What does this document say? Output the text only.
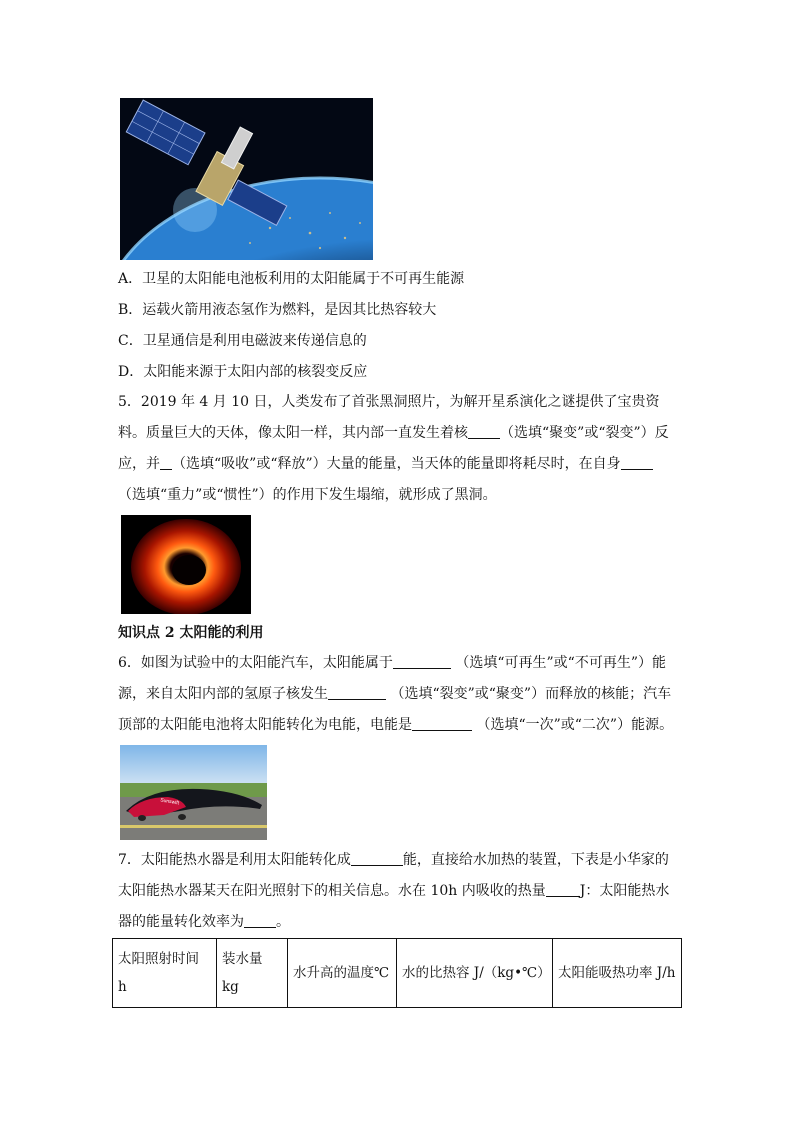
A．卫星的太阳能电池板利用的太阳能属于不可再生能源
B．运载火箭用液态氢作为燃料，是因其比热容较大
C．卫星通信是利用电磁波来传递信息的
D．太阳能来源于太阳内部的核裂变反应
5．2019 年 4 月 10 日，人类发布了首张黑洞照片，为解开星系演化之谜提供了宝贵资料。质量巨大的天体，像太阳一样，其内部一直发生着核 （选填“聚变”或“裂变”）反应，并 （选填“吸收”或“释放”）大量的能量，当天体的能量即将耗尽时，在自身（选填“重力”或“惯性”）的作用下发生塌缩，就形成了黑洞。
知识点 2 太阳能的利用
6．如图为试验中的太阳能汽车，太阳能属于	（选填“可再生”或“不可再生”）能源，来自太阳内部的氢原子核发生	（选填“裂变”或“聚变”）而释放的核能；汽车顶部的太阳能电池将太阳能转化为电能，电能是	（选填“一次”或“二次”）能源。
Sunswift
7．太阳能热水器是利用太阳能转化成	能，直接给水加热的装置，下表是小华家的太阳能热水器某天在阳光照射下的相关信息。水在 10h 内吸收的热量 J：太阳能热水器的能量转化效率为 。
太阳照射时间 h	装水量 kg	水升高的温度℃	水的比热容 J/（kg•℃）	太阳能吸热功率 J/h
